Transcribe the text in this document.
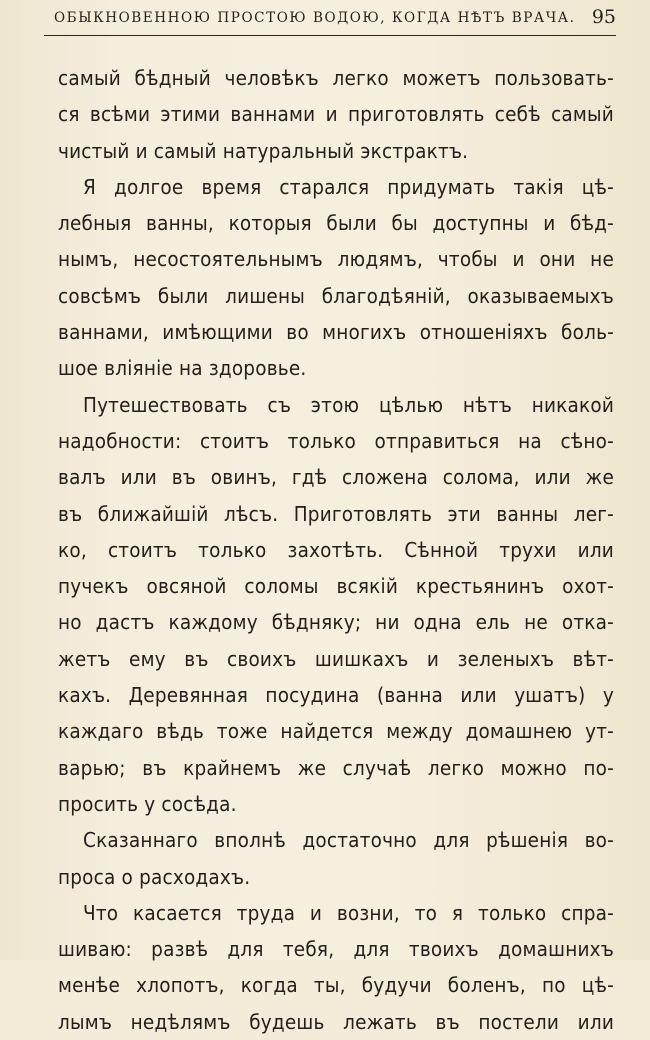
ОБЫКНОВЕННОЮ ПРОСТОЮ ВОДОЮ, КОГДА НѢТЪ ВРАЧА. 95
самый бѣдный человѣкъ легко можетъ пользовать-
ся всѣми этими ваннами и приготовлять себѣ самый
чистый и самый натуральный экстрактъ.
Я долгое время старался придумать такія цѣ-
лебныя ванны, которыя были бы доступны и бѣд-
нымъ, несостоятельнымъ людямъ, чтобы и они не
совсѣмъ были лишены благодѣяній, оказываемыхъ
ваннами, имѣющими во многихъ отношеніяхъ боль-
шое вліяніе на здоровье.
Путешествовать съ этою цѣлью нѣтъ никакой
надобности: стоитъ только отправиться на сѣно-
валъ или въ овинъ, гдѣ сложена солома, или же
въ ближайшій лѣсъ. Приготовлять эти ванны лег-
ко, стоитъ только захотѣть. Сѣнной трухи или
пучекъ овсяной соломы всякій крестьянинъ охот-
но дастъ каждому бѣдняку; ни одна ель не отка-
жетъ ему въ своихъ шишкахъ и зеленыхъ вѣт-
кахъ. Деревянная посудина (ванна или ушатъ) у
каждаго вѣдь тоже найдется между домашнею ут-
варью; въ крайнемъ же случаѣ легко можно по-
просить у сосѣда.
Сказаннаго вполнѣ достаточно для рѣшенія во-
проса о расходахъ.
Что касается труда и возни, то я только спра-
шиваю: развѣ для тебя, для твоихъ домашнихъ
менѣе хлопотъ, когда ты, будучи боленъ, по цѣ-
лымъ недѣлямъ будешь лежать въ постели или
